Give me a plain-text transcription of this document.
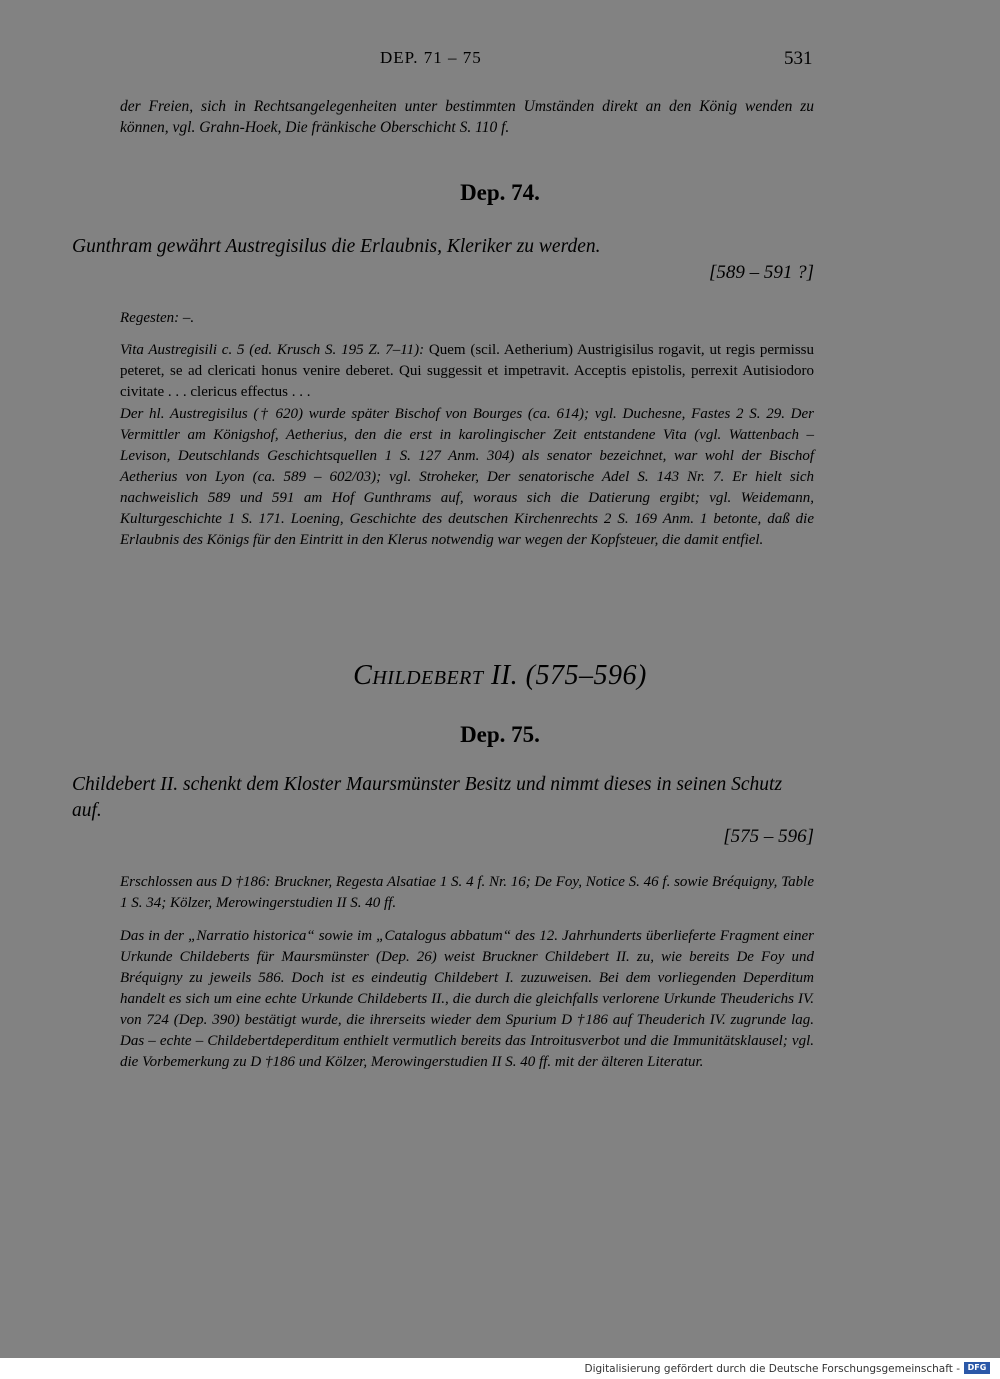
DEP. 71 – 75	531
der Freien, sich in Rechtsangelegenheiten unter bestimmten Umständen direkt an den König wenden zu können, vgl. Grahn-Hoek, Die fränkische Oberschicht S. 110 f.
Dep. 74.
Gunthram gewährt Austregisilus die Erlaubnis, Kleriker zu werden.
[589 – 591 ?]
Regesten: –.
Vita Austregisili c. 5 (ed. Krusch S. 195 Z. 7–11): Quem (scil. Aetherium) Austrigisilus rogavit, ut regis permissu peteret, se ad clericati honus venire deberet. Qui suggessit et impetravit. Acceptis epistolis, perrexit Autisiodoro civitate . . . clericus effectus . . .
Der hl. Austregisilus († 620) wurde später Bischof von Bourges (ca. 614); vgl. Duchesne, Fastes 2 S. 29. Der Vermittler am Königshof, Aetherius, den die erst in karolingischer Zeit entstandene Vita (vgl. Wattenbach – Levison, Deutschlands Geschichtsquellen 1 S. 127 Anm. 304) als senator bezeichnet, war wohl der Bischof Aetherius von Lyon (ca. 589 – 602/03); vgl. Stroheker, Der senatorische Adel S. 143 Nr. 7. Er hielt sich nachweislich 589 und 591 am Hof Gunthrams auf, woraus sich die Datierung ergibt; vgl. Weidemann, Kulturgeschichte 1 S. 171. Loening, Geschichte des deutschen Kirchenrechts 2 S. 169 Anm. 1 betonte, daß die Erlaubnis des Königs für den Eintritt in den Klerus notwendig war wegen der Kopfsteuer, die damit entfiel.
Childebert II. (575–596)
Dep. 75.
Childebert II. schenkt dem Kloster Maursmünster Besitz und nimmt dieses in seinen Schutz auf.
[575 – 596]
Erschlossen aus D †186: Bruckner, Regesta Alsatiae 1 S. 4 f. Nr. 16; De Foy, Notice S. 46 f. sowie Bréquigny, Table 1 S. 34; Kölzer, Merowingerstudien II S. 40 ff.
Das in der „Narratio historica“ sowie im „Catalogus abbatum“ des 12. Jahrhunderts überlieferte Fragment einer Urkunde Childeberts für Maursmünster (Dep. 26) weist Bruckner Childebert II. zu, wie bereits De Foy und Bréquigny zu jeweils 586. Doch ist es eindeutig Childebert I. zuzuweisen. Bei dem vorliegenden Deperditum handelt es sich um eine echte Urkunde Childeberts II., die durch die gleichfalls verlorene Urkunde Theuderichs IV. von 724 (Dep. 390) bestätigt wurde, die ihrerseits wieder dem Spurium D †186 auf Theuderich IV. zugrunde lag. Das – echte – Childebertdeperditum enthielt vermutlich bereits das Introitusverbot und die Immunitätsklausel; vgl. die Vorbemerkung zu D †186 und Kölzer, Merowingerstudien II S. 40 ff. mit der älteren Literatur.
Digitalisierung gefördert durch die Deutsche Forschungsgemeinschaft - DFG
